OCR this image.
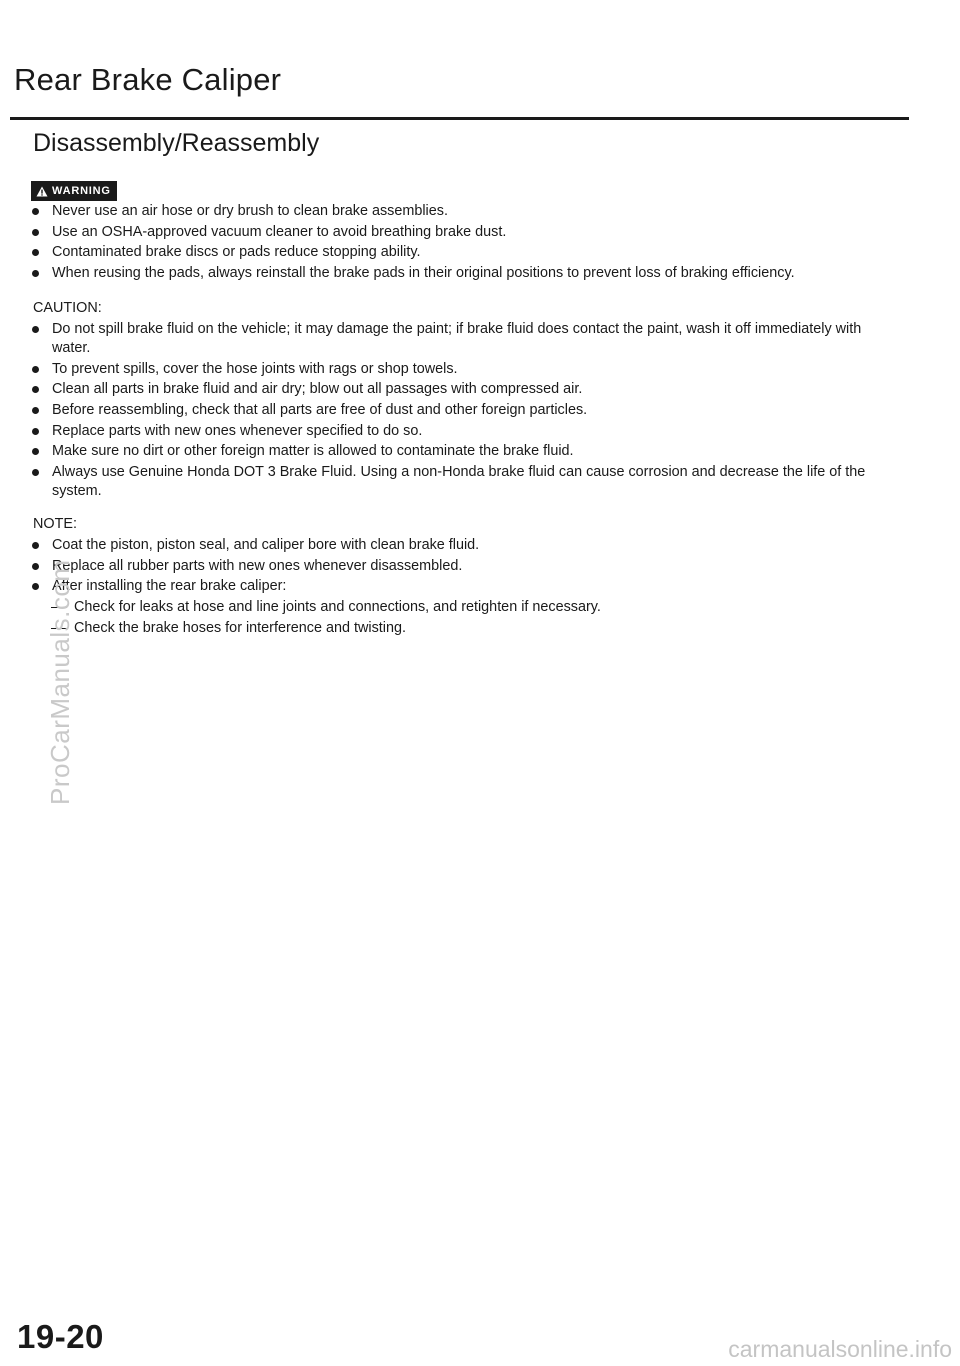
Rear Brake Caliper
Disassembly/Reassembly
WARNING
Never use an air hose or dry brush to clean brake assemblies.
Use an OSHA-approved vacuum cleaner to avoid breathing brake dust.
Contaminated brake discs or pads reduce stopping ability.
When reusing the pads, always reinstall the brake pads in their original positions to prevent loss of braking efficiency.

CAUTION:

Do not spill brake fluid on the vehicle; it may damage the paint; if brake fluid does contact the paint, wash it off immediately with water.
To prevent spills, cover the hose joints with rags or shop towels.
Clean all parts in brake fluid and air dry; blow out all passages with compressed air.
Before reassembling, check that all parts are free of dust and other foreign particles.
Replace parts with new ones whenever specified to do so.
Make sure no dirt or other foreign matter is allowed to contaminate the brake fluid.
Always use Genuine Honda DOT 3 Brake Fluid. Using a non-Honda brake fluid can cause corrosion and decrease the life of the system.

NOTE:

Coat the piston, piston seal, and caliper bore with clean brake fluid.
Replace all rubber parts with new ones whenever disassembled.
After installing the rear brake caliper:
Check for leaks at hose and line joints and connections, and retighten if necessary.
Check the brake hoses for interference and twisting.
ProCarManuals.com
19-20	carmanualsonline.info
